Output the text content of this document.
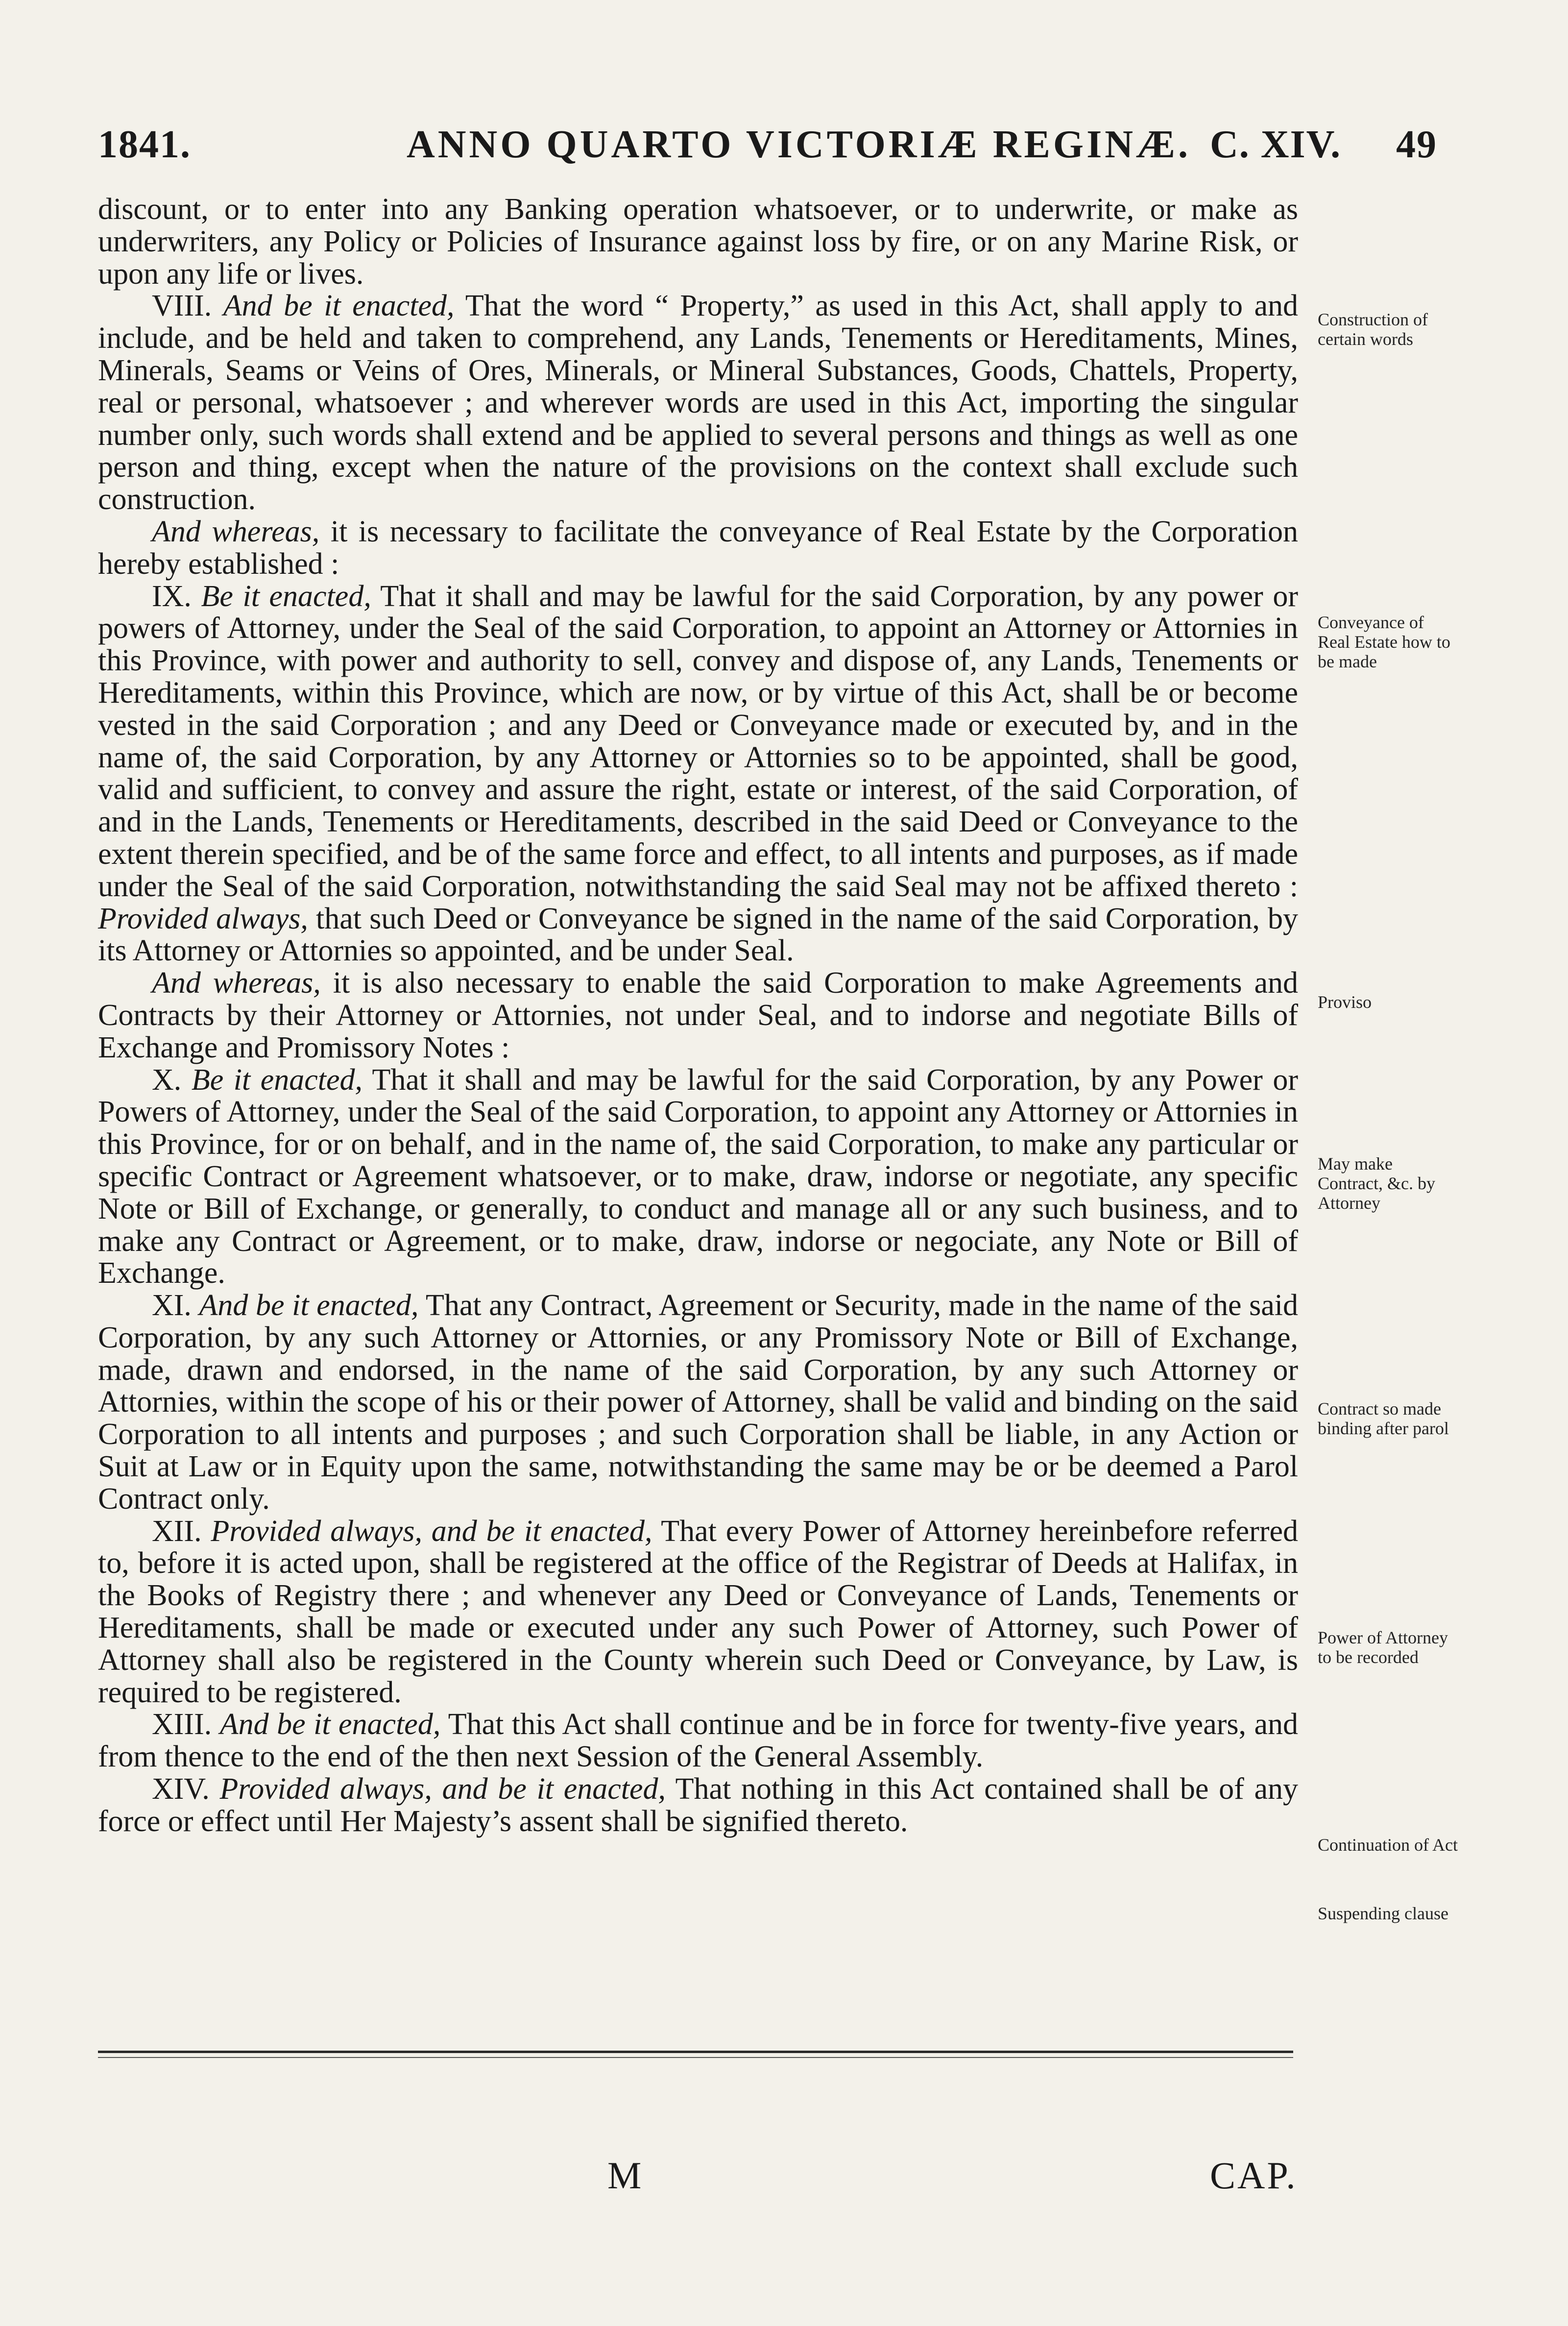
1841.	ANNO QUARTO VICTORIÆ REGINÆ. C. XIV. 49

discount, or to enter into any Banking operation whatsoever, or to underwrite, or make as underwriters, any Policy or Policies of Insurance against loss by fire, or on any Marine Risk, or upon any life or lives.

VIII. And be it enacted, That the word “ Property,” as used in this Act, shall apply to and include, and be held and taken to comprehend, any Lands, Tenements or Hereditaments, Mines, Minerals, Seams or Veins of Ores, Minerals, or Mineral Substances, Goods, Chattels, Property, real or personal, whatsoever ; and wherever words are used in this Act, importing the singular number only, such words shall extend and be applied to several persons and things as well as one person and thing, except when the nature of the provisions on the context shall exclude such construction.

And whereas, it is necessary to facilitate the conveyance of Real Estate by the Corporation hereby established :

IX. Be it enacted, That it shall and may be lawful for the said Corporation, by any power or powers of Attorney, under the Seal of the said Corporation, to appoint an Attorney or Attornies in this Province, with power and authority to sell, convey and dispose of, any Lands, Tenements or Hereditaments, within this Province, which are now, or by virtue of this Act, shall be or become vested in the said Corporation ; and any Deed or Conveyance made or executed by, and in the name of, the said Corporation, by any Attorney or Attornies so to be appointed, shall be good, valid and sufficient, to convey and assure the right, estate or interest, of the said Corporation, of and in the Lands, Tenements or Hereditaments, described in the said Deed or Conveyance to the extent therein specified, and be of the same force and effect, to all intents and purposes, as if made under the Seal of the said Corporation, notwithstanding the said Seal may not be affixed thereto : Provided always, that such Deed or Conveyance be signed in the name of the said Corporation, by its Attorney or Attornies so appointed, and be under Seal.

And whereas, it is also necessary to enable the said Corporation to make Agreements and Contracts by their Attorney or Attornies, not under Seal, and to indorse and negotiate Bills of Exchange and Promissory Notes :

X. Be it enacted, That it shall and may be lawful for the said Corporation, by any Power or Powers of Attorney, under the Seal of the said Corporation, to appoint any Attorney or Attornies in this Province, for or on behalf, and in the name of, the said Corporation, to make any particular or specific Contract or Agreement whatsoever, or to make, draw, indorse or negotiate, any specific Note or Bill of Exchange, or generally, to conduct and manage all or any such business, and to make any Contract or Agreement, or to make, draw, indorse or negociate, any Note or Bill of Exchange.

XI. And be it enacted, That any Contract, Agreement or Security, made in the name of the said Corporation, by any such Attorney or Attornies, or any Promissory Note or Bill of Exchange, made, drawn and endorsed, in the name of the said Corporation, by any such Attorney or Attornies, within the scope of his or their power of Attorney, shall be valid and binding on the said Corporation to all intents and purposes ; and such Corporation shall be liable, in any Action or Suit at Law or in Equity upon the same, notwithstanding the same may be or be deemed a Parol Contract only.

XII. Provided always, and be it enacted, That every Power of Attorney hereinbefore referred to, before it is acted upon, shall be registered at the office of the Registrar of Deeds at Halifax, in the Books of Registry there ; and whenever any Deed or Conveyance of Lands, Tenements or Hereditaments, shall be made or executed under any such Power of Attorney, such Power of Attorney shall also be registered in the County wherein such Deed or Conveyance, by Law, is required to be registered.

XIII. And be it enacted, That this Act shall continue and be in force for twenty-five years, and from thence to the end of the then next Session of the General Assembly.

XIV. Provided always, and be it enacted, That nothing in this Act contained shall be of any force or effect until Her Majesty’s assent shall be signified thereto.

Construction of certain words
Conveyance of Real Estate how to be made
Proviso
May make Contract, &c. by Attorney
Contract so made binding after parol
Power of Attorney to be recorded
Continuation of Act
Suspending clause
M	CAP.
